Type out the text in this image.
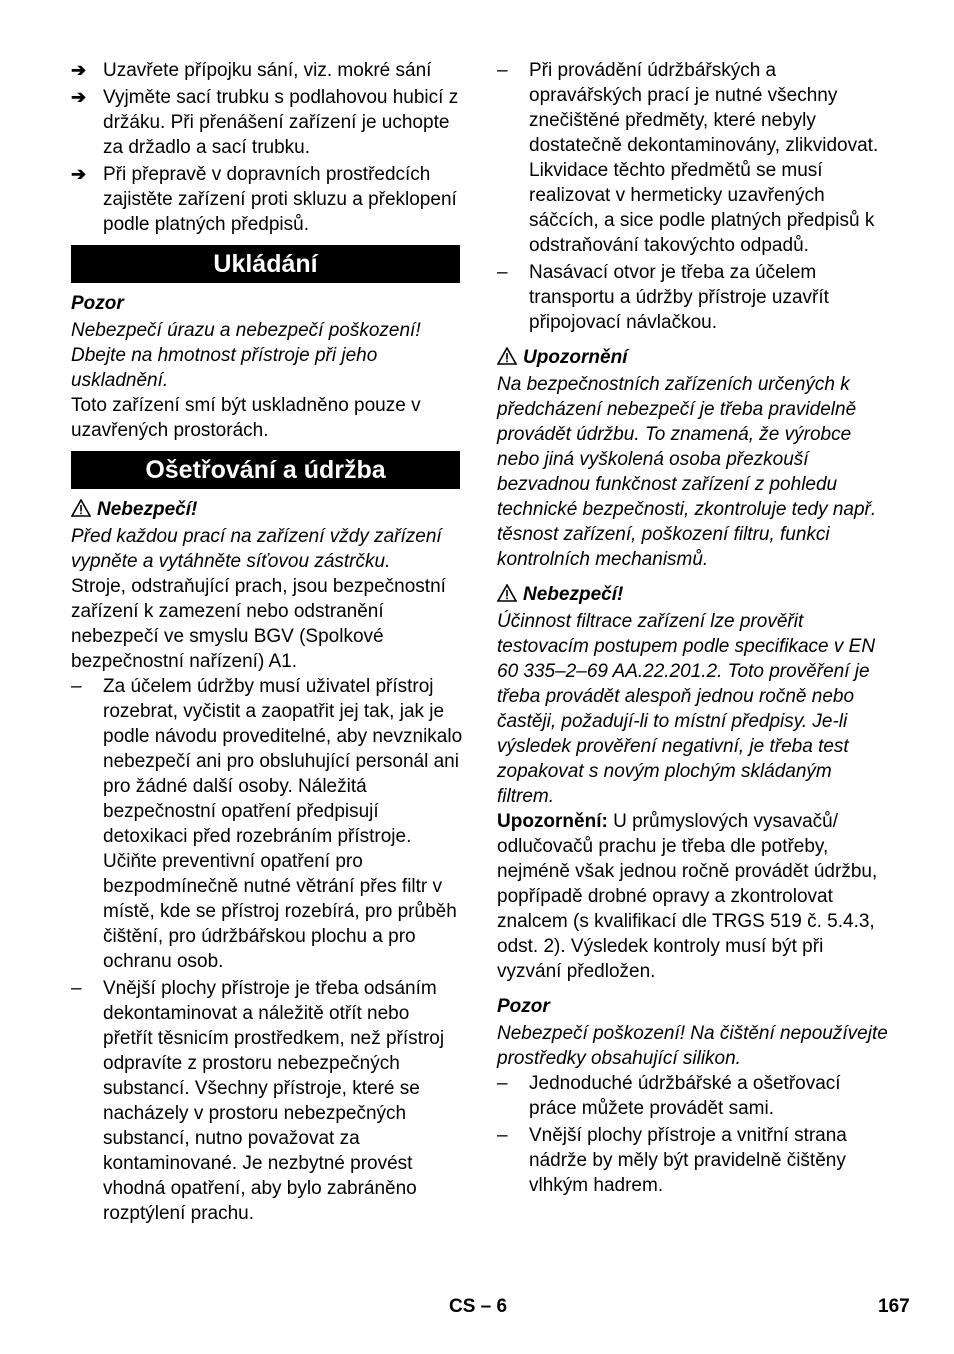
➔ Uzavřete přípojku sání, viz. mokré sání
➔ Vyjměte sací trubku s podlahovou hubicí z držáku. Při přenášení zařízení je uchopte za držadlo a sací trubku.
➔ Při přepravě v dopravních prostředcích zajistěte zařízení proti skluzu a překlopení podle platných předpisů.
Ukládání

Pozor

Nebezpečí úrazu a nebezpečí poškození! Dbejte na hmotnost přístroje při jeho uskladnění.

Toto zařízení smí být uskladněno pouze v uzavřených prostorách.

Ošetřování a údržba

Nebezpečí!

Před každou prací na zařízení vždy zařízení vypněte a vytáhněte síťovou zástrčku.

Stroje, odstraňující prach, jsou bezpečnostní zařízení k zamezení nebo odstranění nebezpečí ve smyslu BGV (Spolkové bezpečnostní nařízení) A1.

– Za účelem údržby musí uživatel přístroj rozebrat, vyčistit a zaopatřit jej tak, jak je podle návodu proveditelné, aby nevznikalo nebezpečí ani pro obsluhující personál ani pro žádné další osoby. Náležitá bezpečnostní opatření předpisují detoxikaci před rozebráním přístroje. Učiňte preventivní opatření pro bezpodmínečně nutné větrání přes filtr v místě, kde se přístroj rozebírá, pro průběh čištění, pro údržbářskou plochu a pro ochranu osob.
– Vnější plochy přístroje je třeba odsáním dekontaminovat a náležitě otřít nebo přetřít těsnicím prostředkem, než přístroj odpravíte z prostoru nebezpečných substancí. Všechny přístroje, které se nacházely v prostoru nebezpečných substancí, nutno považovat za kontaminované. Je nezbytné provést vhodná opatření, aby bylo zabráněno rozptýlení prachu.
– Při provádění údržbářských a opravářských prací je nutné všechny znečištěné předměty, které nebyly dostatečně dekontaminovány, zlikvidovat. Likvidace těchto předmětů se musí realizovat v hermeticky uzavřených sáčcích, a sice podle platných předpisů k odstraňování takovýchto odpadů.
– Nasávací otvor je třeba za účelem transportu a údržby přístroje uzavřít připojovací návlačkou.

Upozornění

Na bezpečnostních zařízeních určených k předcházení nebezpečí je třeba pravidelně provádět údržbu. To znamená, že výrobce nebo jiná vyškolená osoba přezkouší bezvadnou funkčnost zařízení z pohledu technické bezpečnosti, zkontroluje tedy např. těsnost zařízení, poškození filtru, funkci kontrolních mechanismů.

Nebezpečí!

Účinnost filtrace zařízení lze prověřit testovacím postupem podle specifikace v EN 60 335–2–69 AA.22.201.2. Toto prověření je třeba provádět alespoň jednou ročně nebo častěji, požadují-li to místní předpisy. Je-li výsledek prověření negativní, je třeba test zopakovat s novým plochým skládaným filtrem.

Upozornění: U průmyslových vysavačů/ odlučovačů prachu je třeba dle potřeby, nejméně však jednou ročně provádět údržbu, popřípadě drobné opravy a zkontrolovat znalcem (s kvalifikací dle TRGS 519 č. 5.4.3, odst. 2). Výsledek kontroly musí být při vyzvání předložen.

Pozor

Nebezpečí poškození! Na čištění nepoužívejte prostředky obsahující silikon.

– Jednoduché údržbářské a ošetřovací práce můžete provádět sami.
– Vnější plochy přístroje a vnitřní strana nádrže by měly být pravidelně čištěny vlhkým hadrem.
CS – 6	167
